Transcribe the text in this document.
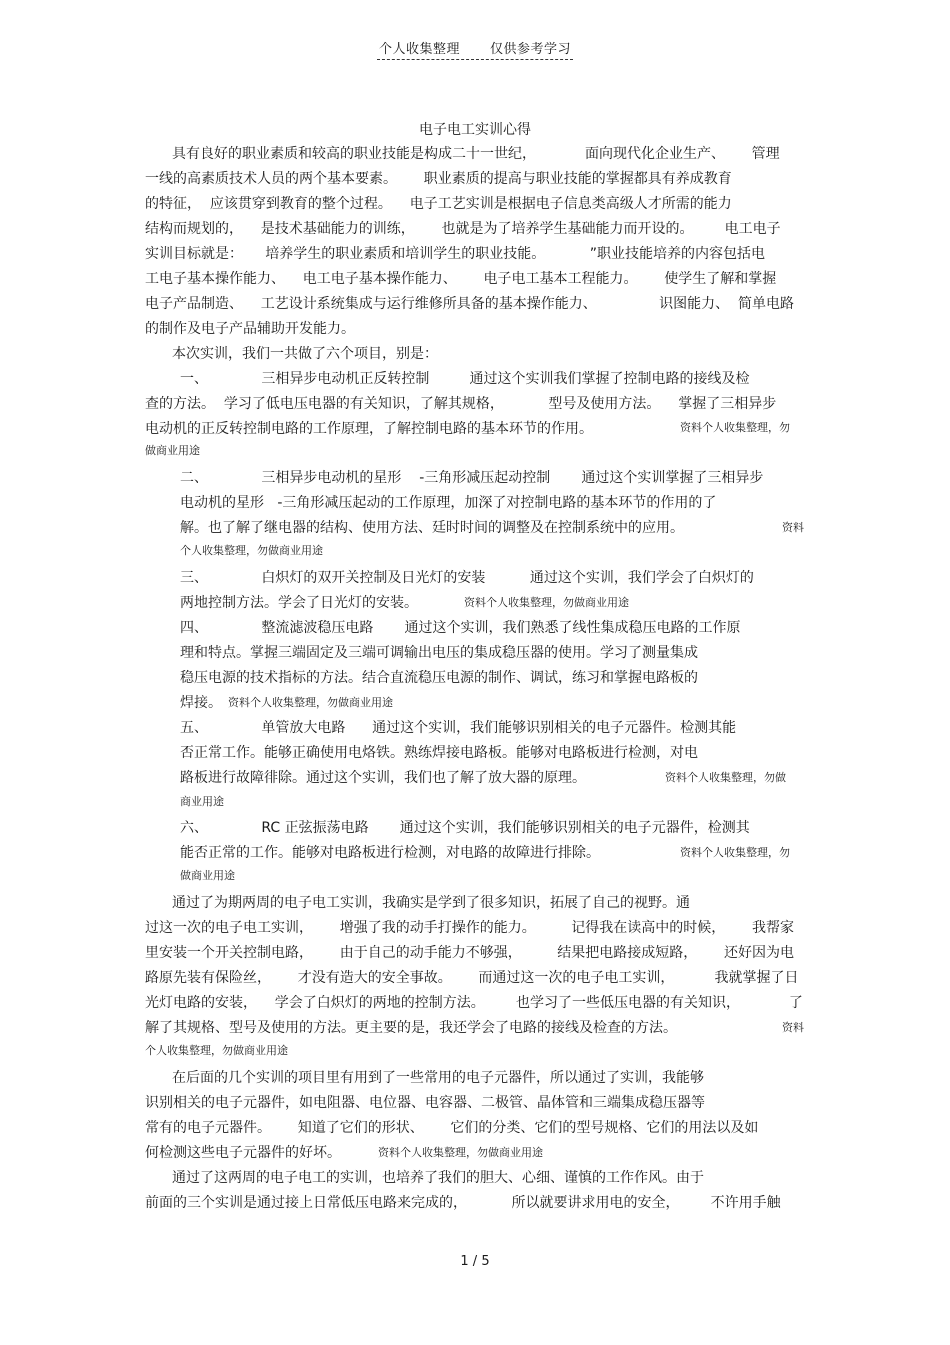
个人收集整理 仅供参考学习
电子电工实训心得
具有良好的职业素质和较高的职业技能是构成二十一世纪，           面向现代化企业生产、      管理
一线的高素质技术人员的两个基本要素。      职业素质的提高与职业技能的掌握都具有养成教育
的特征，  应该贯穿到教育的整个过程。    电子工艺实训是根据电子信息类高级人才所需的能力
结构而规划的，    是技术基础能力的训练，      也就是为了培养学生基础能力而开设的。       电工电子
实训目标就是：     培养学生的职业素质和培训学生的职业技能。          ”职业技能培养的内容包括电
工电子基本操作能力、    电工电子基本操作能力、      电子电工基本工程能力。      使学生了解和掌握
电子产品制造、    工艺设计系统集成与运行维修所具备的基本操作能力、              识图能力、  简单电路
的制作及电子产品辅助开发能力。
本次实训，我们一共做了六个项目，别是：
一、            三相异步电动机正反转控制         通过这个实训我们掌握了控制电路的接线及检
查的方法。  学习了低电压电器的有关知识，了解其规格，          型号及使用方法。    掌握了三相异步
电动机的正反转控制电路的工作原理，了解控制电路的基本环节的作用。	资料个人收集整理，勿
做商业用途
二、            三相异步电动机的星形    -三角形减压起动控制       通过这个实训掌握了三相异步
电动机的星形   -三角形减压起动的工作原理，加深了对控制电路的基本环节的作用的了
解。也了解了继电器的结构、使用方法、廷时时间的调整及在控制系统中的应用。	资料
个人收集整理，勿做商业用途
三、            白炽灯的双开关控制及日光灯的安装          通过这个实训，我们学会了白炽灯的
两地控制方法。学会了日光灯的安装。	资料个人收集整理，勿做商业用途
四、            整流滤波稳压电路       通过这个实训，我们熟悉了线性集成稳压电路的工作原
理和特点。掌握三端固定及三端可调输出电压的集成稳压器的使用。学习了测量集成
稳压电源的技术指标的方法。结合直流稳压电源的制作、调试，练习和掌握电路板的
焊接。 资料个人收集整理，勿做商业用途
五、            单管放大电路      通过这个实训，我们能够识别相关的电子元器件。检测其能
否正常工作。能够正确使用电烙铁。熟练焊接电路板。能够对电路板进行检测，对电
路板进行故障徘除。通过这个实训，我们也了解了放大器的原理。	资料个人收集整理，勿做
商业用途
六、            RC 正弦振荡电路       通过这个实训，我们能够识别相关的电子元器件，检测其
能否正常的工作。能够对电路板进行检测，对电路的故障进行排除。	资料个人收集整理，勿
做商业用途
通过了为期两周的电子电工实训，我确实是学到了很多知识，拓展了自己的视野。通
过这一次的电子电工实训，      增强了我的动手打操作的能力。        记得我在读高中的时候，      我帮家
里安装一个开关控制电路，      由于自己的动手能力不够强，        结果把电路接成短路，      还好因为电
路原先装有保险丝，      才没有造大的安全事故。      而通过这一次的电子电工实训，         我就掌握了日
光灯电路的安装，    学会了白炽灯的两地的控制方法。       也学习了一些低压电器的有关知识，           了
解了其规格、型号及使用的方法。更主要的是，我还学会了电路的接线及检查的方法。	资料
个人收集整理，勿做商业用途
在后面的几个实训的项目里有用到了一些常用的电子元器件，所以通过了实训，我能够
识别相关的电子元器件，如电阻器、电位器、电容器、二极管、晶体管和三端集成稳压器等
常有的电子元器件。      知道了它们的形状、      它们的分类、它们的型号规格、它们的用法以及如
何检测这些电子元器件的好坏。	资料个人收集整理，勿做商业用途
通过了这两周的电子电工的实训，也培养了我们的胆大、心细、谨慎的工作作风。由于
前面的三个实训是通过接上日常低压电路来完成的，          所以就要讲求用电的安全，       不许用手触
1 / 5
